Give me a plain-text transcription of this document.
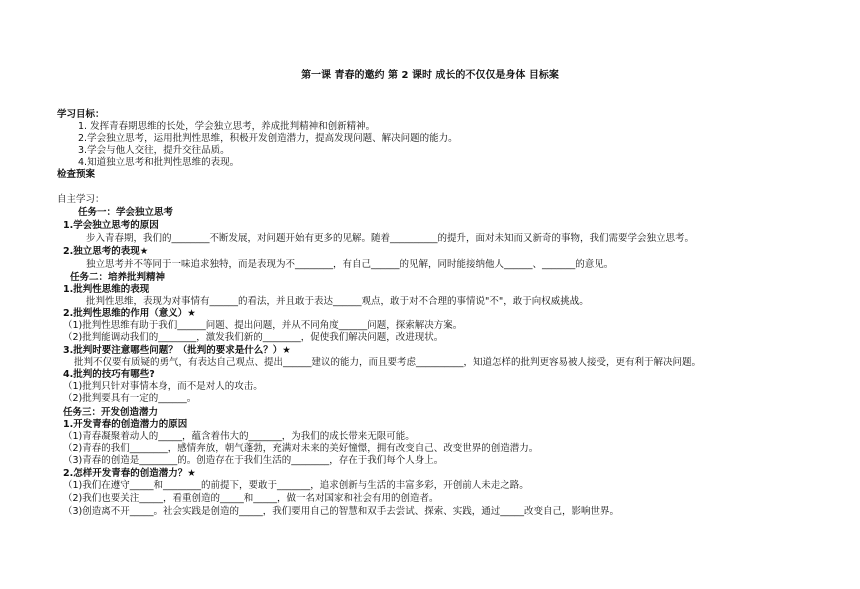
第一课 青春的邀约 第 2 课时 成长的不仅仅是身体 目标案
学习目标：
1. 发挥青春期思维的长处，学会独立思考，养成批判精神和创新精神。
2.学会独立思考，运用批判性思维，积极开发创造潜力，提高发现问题、解决问题的能力。
3.学会与他人交往，提升交往品质。
4.知道独立思考和批判性思维的表现。
检查预案
自主学习：
任务一：学会独立思考
1.学会独立思考的原因
步入青春期，我们的________不断发展，对问题开始有更多的见解。随着__________的提升，面对未知而又新奇的事物，我们需要学会独立思考。
2.独立思考的表现★
独立思考并不等同于一味追求独特，而是表现为不________，有自己______的见解，同时能接纳他人______、_______的意见。
任务二：培养批判精神
1.批判性思维的表现
批判性思维，表现为对事情有______的看法，并且敢于表达______观点，敢于对不合理的事情说"不"，敢于向权威挑战。
2.批判性思维的作用（意义）★
（1)批判性思维有助于我们______问题、提出问题，并从不同角度______问题，探索解决方案。
（2)批判能调动我们的________，激发我们新的________，促使我们解决问题，改进现状。
3.批判时要注意哪些问题？（批判的要求是什么？）★
批判不仅要有质疑的勇气，有表达自己观点、提出______建议的能力，而且要考虑__________，知道怎样的批判更容易被人接受，更有利于解决问题。
4.批判的技巧有哪些?
（1)批判只针对事情本身，而不是对人的攻击。
（2)批判要具有一定的______。
任务三：开发创造潜力
1.开发青春的创造潜力的原因
（1)青春凝聚着动人的_____，蕴含着伟大的_______，为我们的成长带来无限可能。
（2)青春的我们________，感情奔放，朝气蓬勃，充满对未来的美好憧憬，拥有改变自己、改变世界的创造潜力。
（3)青春的创造是________的。创造存在于我们生活的________，存在于我们每个人身上。
2.怎样开发青春的创造潜力？★
（1)我们在遵守_____和________的前提下，要敢于_______，追求创新与生活的丰富多彩，开创前人未走之路。
（2)我们也要关注_____，看重创造的_____和_____，做一名对国家和社会有用的创造者。
（3)创造离不开_____。社会实践是创造的_____，我们要用自己的智慧和双手去尝试、探索、实践，通过_____改变自己，影响世界。
